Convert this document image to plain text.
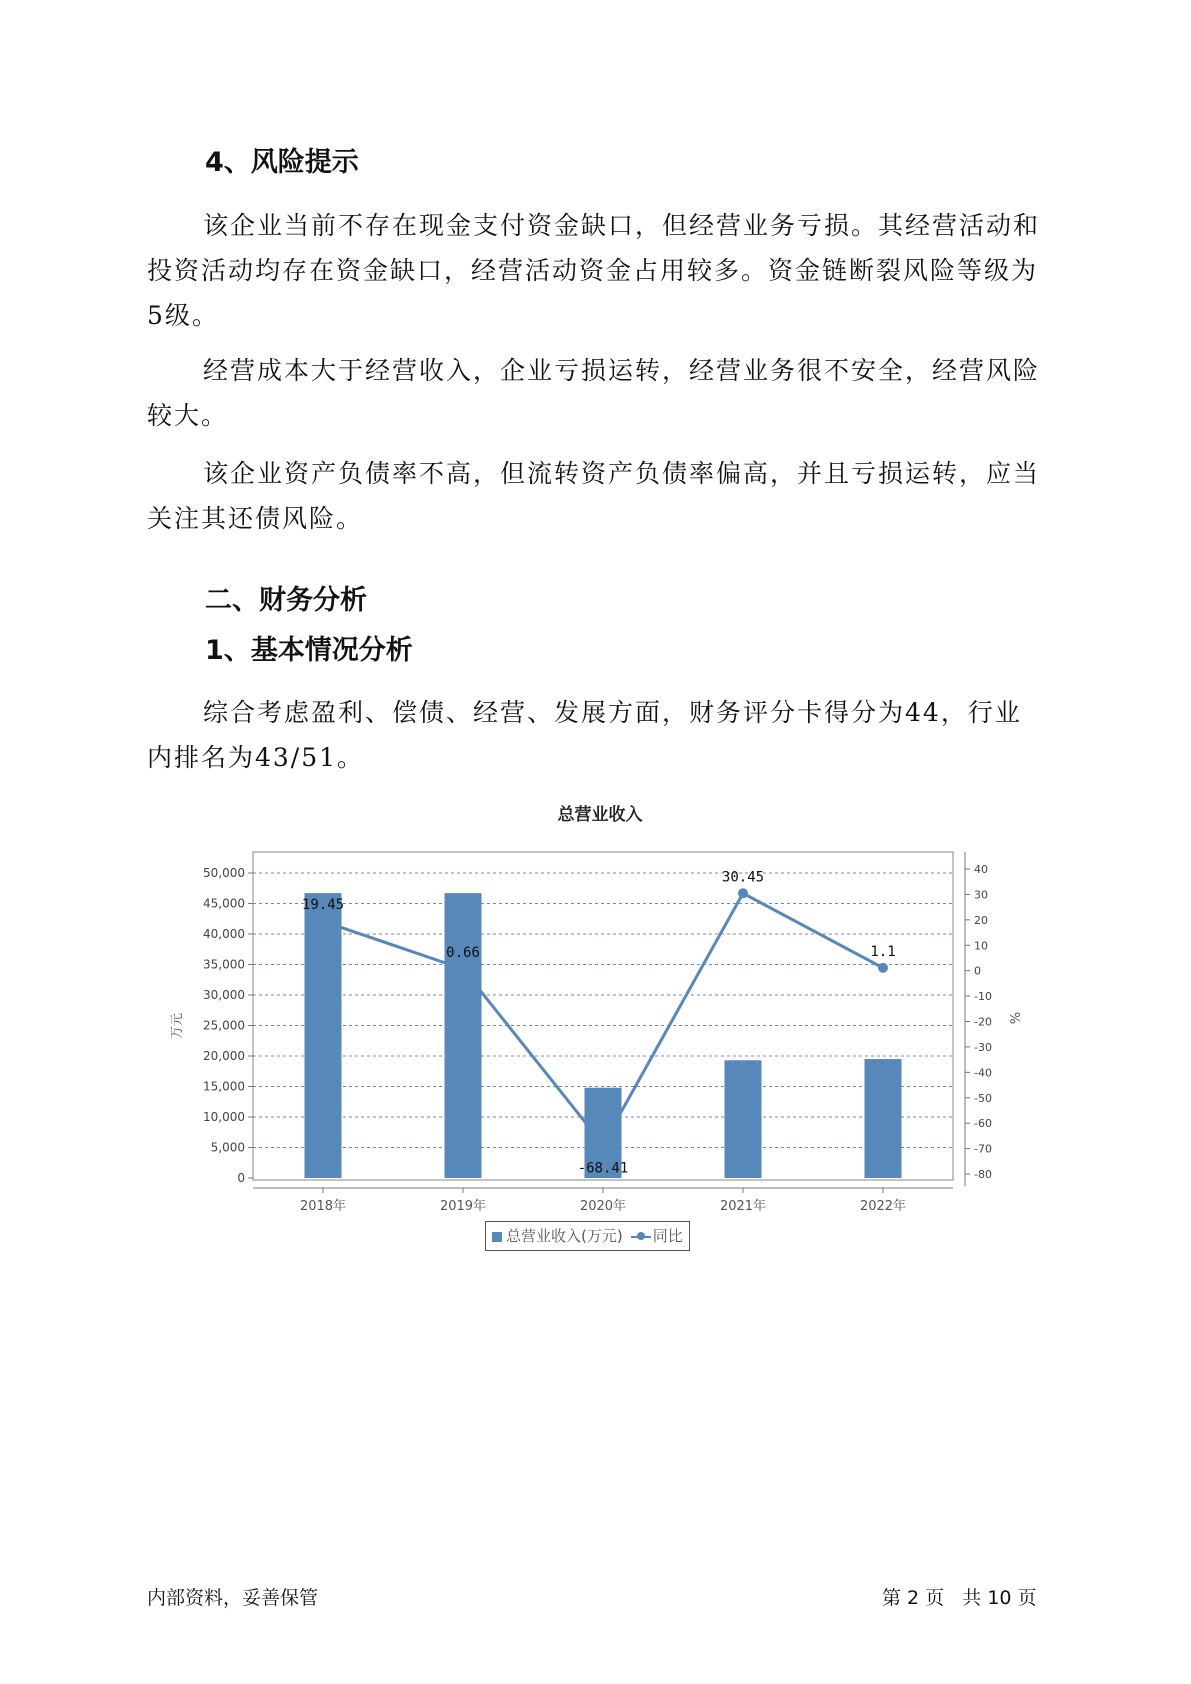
4、风险提示

该企业当前不存在现金支付资金缺口，但经营业务亏损。其经营活动和投资活动均存在资金缺口，经营活动资金占用较多。资金链断裂风险等级为5级。

经营成本大于经营收入，企业亏损运转，经营业务很不安全，经营风险较大。

该企业资产负债率不高，但流转资产负债率偏高，并且亏损运转，应当关注其还债风险。

二、财务分析
1、基本情况分析

综合考虑盈利、偿债、经营、发展方面，财务评分卡得分为44，行业内排名为43/51。

总营业收入
万元	%
0
5,000
10,000
15,000
20,000
25,000
30,000
35,000
40,000
45,000
50,000
-80
-70
-60
-50
-40
-30
-20
-10
0
10
20
30
40
2018年	2019年	2020年	2021年	2022年
19.45
0.66
-68.41
30.45
1.1
总营业收入(万元) 同比
内部资料，妥善保管	第 2 页   共 10 页
